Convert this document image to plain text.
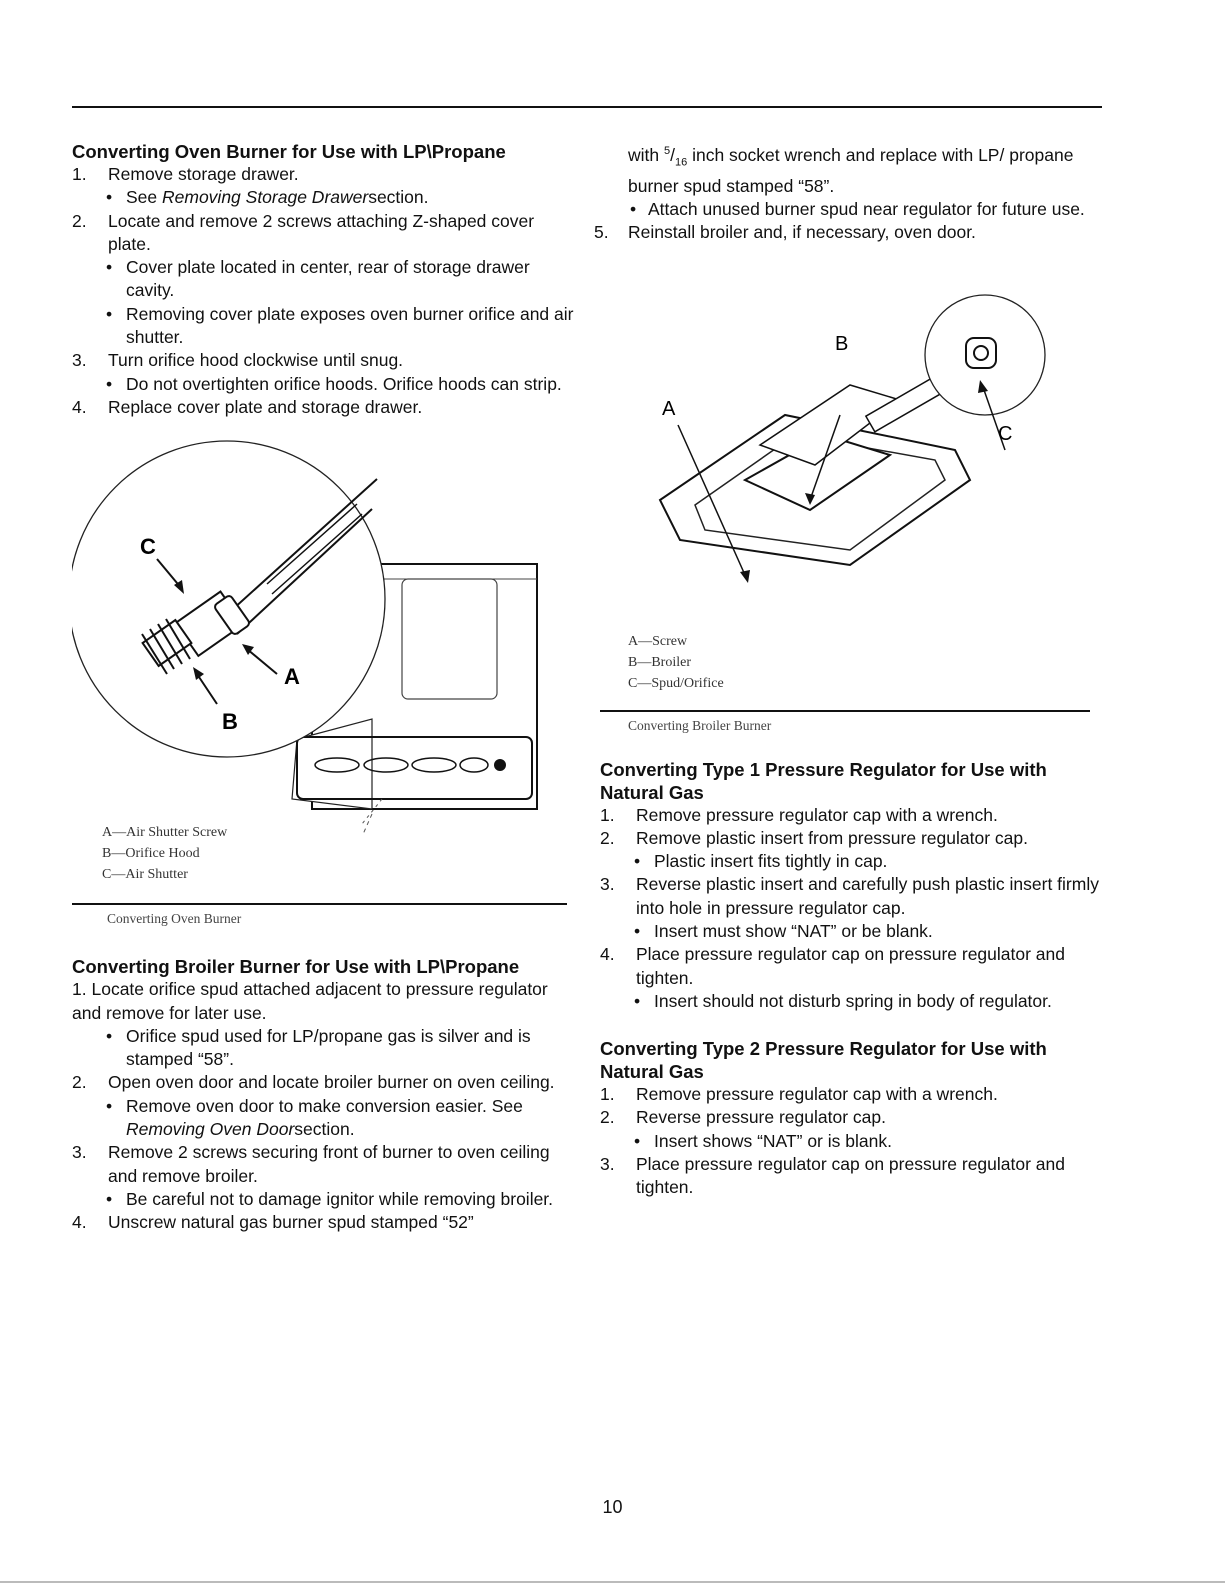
Converting Oven Burner for Use with LP\Propane
1. Remove storage drawer.
• See Removing Storage Drawersection.
2. Locate and remove 2 screws attaching Z-shaped cover plate.
• Cover plate located in center, rear of storage drawer cavity.
• Removing cover plate exposes oven burner orifice and air shutter.
3. Turn orifice hood clockwise until snug.
• Do not overtighten orifice hoods. Orifice hoods can strip.
4. Replace cover plate and storage drawer.
C
A
B
A—Air Shutter Screw
B—Orifice Hood
C—Air Shutter
Converting Oven Burner
Converting Broiler Burner for Use with LP\Propane
1. Locate orifice spud attached adjacent to pressure regulator and remove for later use.
• Orifice spud used for LP/propane gas is silver and is stamped “58”.
2. Open oven door and locate broiler burner on oven ceiling.
• Remove oven door to make conversion easier. See Removing Oven Doorsection.
3. Remove 2 screws securing front of burner to oven ceiling and remove broiler.
• Be careful not to damage ignitor while removing broiler.
4. Unscrew natural gas burner spud stamped “52”
with $^5/_{16}$ inch socket wrench and replace with LP/ propane burner spud stamped “58”.
• Attach unused burner spud near regulator for future use.
5. Reinstall broiler and, if necessary, oven door.
B
A
C
A—Screw
B—Broiler
C—Spud/Orifice
Converting Broiler Burner
Converting Type 1 Pressure Regulator for Use with Natural Gas
1. Remove pressure regulator cap with a wrench.
2. Remove plastic insert from pressure regulator cap.
• Plastic insert fits tightly in cap.
3. Reverse plastic insert and carefully push plastic insert firmly into hole in pressure regulator cap.
• Insert must show “NAT” or be blank.
4. Place pressure regulator cap on pressure regulator and tighten.
• Insert should not disturb spring in body of regulator.
Converting Type 2 Pressure Regulator for Use with Natural Gas
1. Remove pressure regulator cap with a wrench.
2. Reverse pressure regulator cap.
• Insert shows “NAT” or is blank.
3. Place pressure regulator cap on pressure regulator and tighten.
10
